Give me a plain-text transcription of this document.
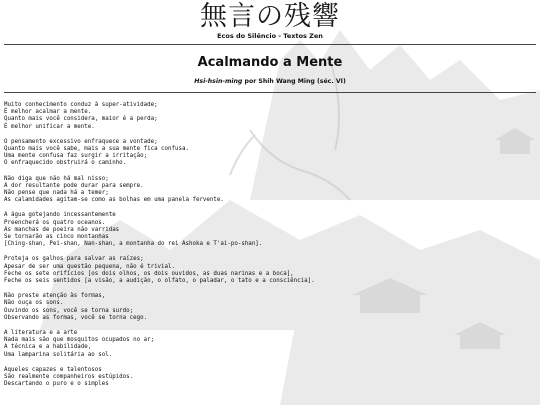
無言の残響
Ecos do Silêncio - Textos Zen
Acalmando a Mente
Hsi-hsin-ming por Shih Wang Ming (séc. VI)
Muito conhecimento conduz à super-atividade;
É melhor acalmar a mente.
Quanto mais você considera, maior é a perda;
É melhor unificar a mente.
O pensamento excessivo enfraquece a vontade;
Quanto mais você sabe, mais a sua mente fica confusa.
Uma mente confusa faz surgir a irritação;
O enfraquecido obstruirá o caminho.
Não diga que não há mal nisso;
A dor resultante pode durar para sempre.
Não pense que nada há a temer;
As calamidades agitam-se como as bolhas em uma panela fervente.
A água gotejando incessantemente
Preencherá os quatro oceanos.
As manchas de poeira não varridas
Se tornarão as cinco montanhas
[Ching-shan, Pei-shan, Nan-shan, a montanha do rei Ashoka e T'ai-po-shan].
Proteja os galhos para salvar as raízes;
Apesar de ser uma questão pequena, não é trivial.
Feche os sete orifícios [os dois olhos, os dois ouvidos, as duas narinas e a boca],
Feche os seis sentidos [a visão, a audição, o olfato, o paladar, o tato e a consciência].
Não preste atenção às formas,
Não ouça os sons.
Ouvindo os sons, você se torna surdo;
Observando as formas, você se torna cego.
A literatura e a arte
Nada mais são que mosquitos ocupados no ar;
A técnica e a habilidade,
Uma lamparina solitária ao sol.
Aqueles capazes e talentosos
São realmente companheiros estúpidos.
Descartando o puro e o simples
